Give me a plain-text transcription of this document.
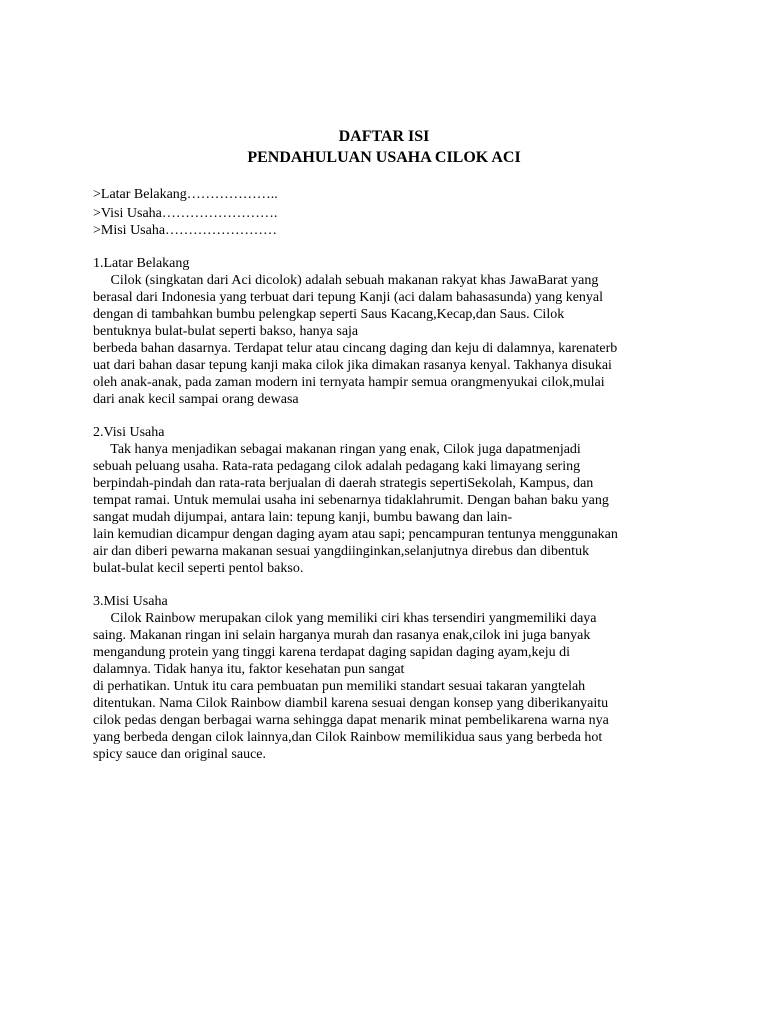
DAFTAR ISI
PENDAHULUAN USAHA CILOK ACI
>Latar Belakang………………..
>Visi Usaha…………………….
>Misi Usaha……………………
1.Latar Belakang
Cilok (singkatan dari Aci dicolok) adalah sebuah makanan rakyat khas JawaBarat yang
berasal dari Indonesia yang terbuat dari tepung Kanji (aci dalam bahasasunda) yang kenyal
dengan di tambahkan bumbu pelengkap seperti Saus Kacang,Kecap,dan Saus. Cilok
bentuknya bulat-bulat seperti bakso, hanya saja
berbeda bahan dasarnya. Terdapat telur atau cincang daging dan keju di dalamnya, karenaterb
uat dari bahan dasar tepung kanji maka cilok jika dimakan rasanya kenyal. Takhanya disukai
oleh anak-anak, pada zaman modern ini ternyata hampir semua orangmenyukai cilok,mulai
dari anak kecil sampai orang dewasa
2.Visi Usaha
Tak hanya menjadikan sebagai makanan ringan yang enak, Cilok juga dapatmenjadi
sebuah peluang usaha. Rata-rata pedagang cilok adalah pedagang kaki limayang sering
berpindah-pindah dan rata-rata berjualan di daerah strategis sepertiSekolah, Kampus, dan
tempat ramai. Untuk memulai usaha ini sebenarnya tidaklahrumit. Dengan bahan baku yang
sangat mudah dijumpai, antara lain: tepung kanji, bumbu bawang dan lain-
lain kemudian dicampur dengan daging ayam atau sapi; pencampuran tentunya menggunakan
air dan diberi pewarna makanan sesuai yangdiinginkan,selanjutnya direbus dan dibentuk
bulat-bulat kecil seperti pentol bakso.
3.Misi Usaha
Cilok Rainbow merupakan cilok yang memiliki ciri khas tersendiri yangmemiliki daya
saing. Makanan ringan ini selain harganya murah dan rasanya enak,cilok ini juga banyak
mengandung protein yang tinggi karena terdapat daging sapidan daging ayam,keju di
dalamnya. Tidak hanya itu, faktor kesehatan pun sangat
di perhatikan. Untuk itu cara pembuatan pun memiliki standart sesuai takaran yangtelah
ditentukan. Nama Cilok Rainbow diambil karena sesuai dengan konsep yang diberikanyaitu
cilok pedas dengan berbagai warna sehingga dapat menarik minat pembelikarena warna nya
yang berbeda dengan cilok lainnya,dan Cilok Rainbow memilikidua saus yang berbeda hot
spicy sauce dan original sauce.
